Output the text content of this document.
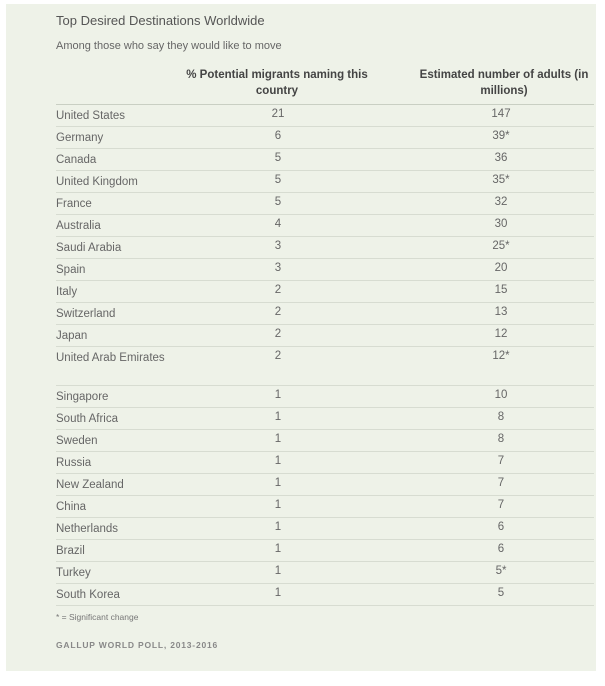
Top Desired Destinations Worldwide
Among those who say they would like to move
% Potential migrants naming this country
Estimated number of adults (in millions)
United States	21	147
Germany	6	39*
Canada	5	36
United Kingdom	5	35*
France	5	32
Australia	4	30
Saudi Arabia	3	25*
Spain	3	20
Italy	2	15
Switzerland	2	13
Japan	2	12
United Arab Emirates	2	12*
Singapore	1	10
South Africa	1	8
Sweden	1	8
Russia	1	7
New Zealand	1	7
China	1	7
Netherlands	1	6
Brazil	1	6
Turkey	1	5*
South Korea	1	5
* = Significant change
GALLUP WORLD POLL, 2013-2016
